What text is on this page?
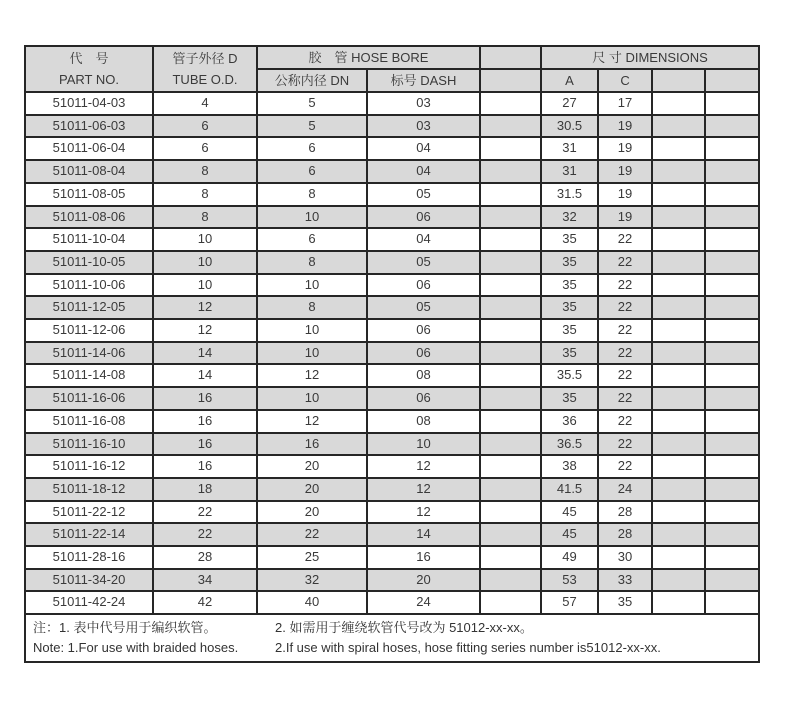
代　号
PART NO.

管子外径 D
TUBE O.D.
	胶　管 HOSE BORE		尺 寸 DIMENSIONS
		公称内径 DN	标号 DASH		A	C		
51011-04-03	4	5	03		27	17		
51011-06-03	6	5	03		30.5	19		
51011-06-04	6	6	04		31	19		
51011-08-04	8	6	04		31	19		
51011-08-05	8	8	05		31.5	19		
51011-08-06	8	10	06		32	19		
51011-10-04	10	6	04		35	22		
51011-10-05	10	8	05		35	22		
51011-10-06	10	10	06		35	22		
51011-12-05	12	8	05		35	22		
51011-12-06	12	10	06		35	22		
51011-14-06	14	10	06		35	22		
51011-14-08	14	12	08		35.5	22		
51011-16-06	16	10	06		35	22		
51011-16-08	16	12	08		36	22		
51011-16-10	16	16	10		36.5	22		
51011-16-12	16	20	12		38	22		
51011-18-12	18	20	12		41.5	24		
51011-22-12	22	20	12		45	28		
51011-22-14	22	22	14		45	28		
51011-28-16	28	25	16		49	30		
51011-34-20	34	32	20		53	33		
51011-42-24	42	40	24		57	35		

注：1. 表中代号用于编织软管。 2. 如需用于缠绕软管代号改为 51012-xx-xx。
Note: 1.For use with braided hoses. 2.If use with spiral hoses, hose fitting series number is51012-xx-xx.								
